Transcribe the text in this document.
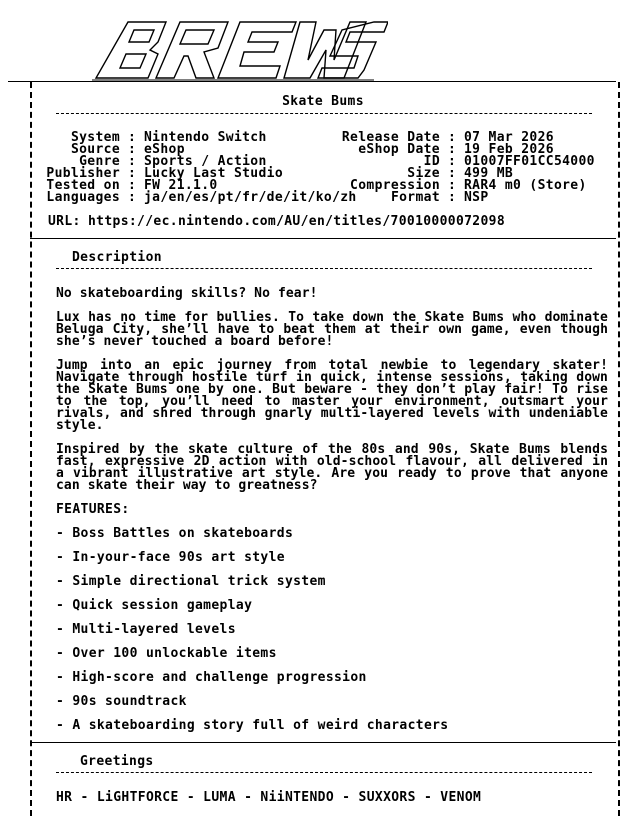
Skate Bums
System
Source
Genre
Publisher
Tested on
Languages
:
:
:
:
:
:
Nintendo Switch
eShop
Sports / Action
Lucky Last Studio
FW 21.1.0
ja/en/es/pt/fr/de/it/ko/zh
Release Date
eShop Date
ID
Size
Compression
Format
:
:
:
:
:
:
07 Mar 2026
19 Feb 2026
01007FF01CC54000
499 MB
RAR4 m0 (Store)
NSP
URL: https://ec.nintendo.com/AU/en/titles/70010000072098
Description
No skateboarding skills? No fear!
Lux has no time for bullies. To take down the Skate Bums who dominate Beluga City, she’ll have to beat them at their own game, even though she’s never touched a board before!
Jump into an epic journey from total newbie to legendary skater! Navigate through hostile turf in quick, intense sessions, taking down the Skate Bums one by one. But beware - they don’t play fair! To rise to the top, you’ll need to master your environment, outsmart your rivals, and shred through gnarly multi-layered levels with undeniable style.
Inspired by the skate culture of the 80s and 90s, Skate Bums blends fast, expressive 2D action with old-school flavour, all delivered in a vibrant illustrative art style. Are you ready to prove that anyone can skate their way to greatness?
FEATURES:
- Boss Battles on skateboards
- In-your-face 90s art style
- Simple directional trick system
- Quick session gameplay
- Multi-layered levels
- Over 100 unlockable items
- High-score and challenge progression
- 90s soundtrack
- A skateboarding story full of weird characters
Greetings
HR - LiGHTFORCE - LUMA - NiiNTENDO - SUXXORS - VENOM
